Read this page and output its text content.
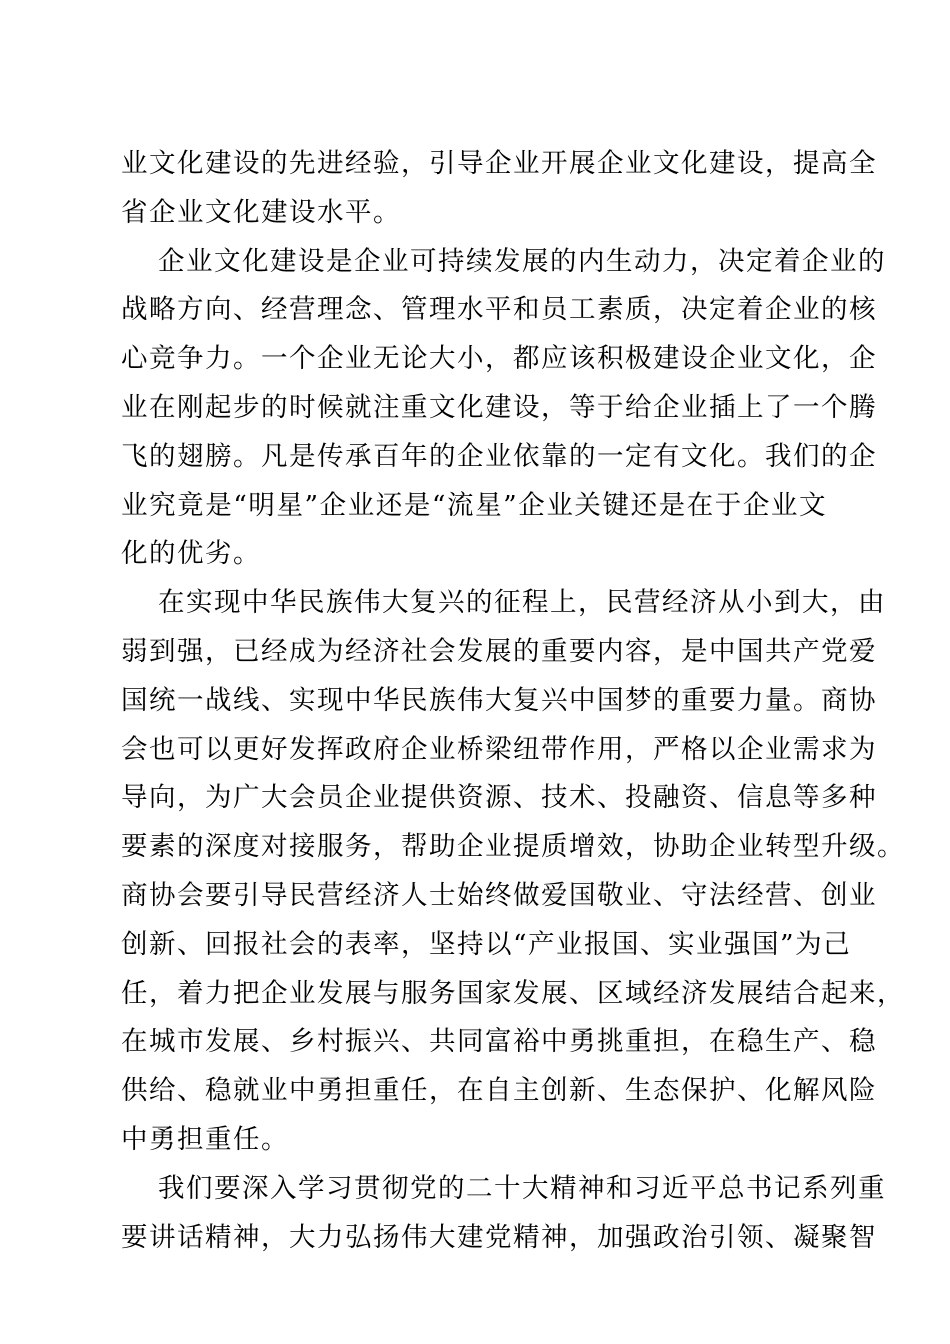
业文化建设的先进经验，引导企业开展企业文化建设，提高全
省企业文化建设水平。
企业文化建设是企业可持续发展的内生动力，决定着企业的
战略方向、经营理念、管理水平和员工素质，决定着企业的核
心竞争力。一个企业无论大小，都应该积极建设企业文化，企
业在刚起步的时候就注重文化建设，等于给企业插上了一个腾
飞的翅膀。凡是传承百年的企业依靠的一定有文化。我们的企
业究竟是“明星”企业还是“流星”企业关键还是在于企业文
化的优劣。
在实现中华民族伟大复兴的征程上，民营经济从小到大，由
弱到强，已经成为经济社会发展的重要内容，是中国共产党爱
国统一战线、实现中华民族伟大复兴中国梦的重要力量。商协
会也可以更好发挥政府企业桥梁纽带作用，严格以企业需求为
导向，为广大会员企业提供资源、技术、投融资、信息等多种
要素的深度对接服务，帮助企业提质增效，协助企业转型升级。
商协会要引导民营经济人士始终做爱国敬业、守法经营、创业
创新、回报社会的表率，坚持以“产业报国、实业强国”为己
任，着力把企业发展与服务国家发展、区域经济发展结合起来，
在城市发展、乡村振兴、共同富裕中勇挑重担，在稳生产、稳
供给、稳就业中勇担重任，在自主创新、生态保护、化解风险
中勇担重任。
我们要深入学习贯彻党的二十大精神和习近平总书记系列重
要讲话精神，大力弘扬伟大建党精神，加强政治引领、凝聚智
